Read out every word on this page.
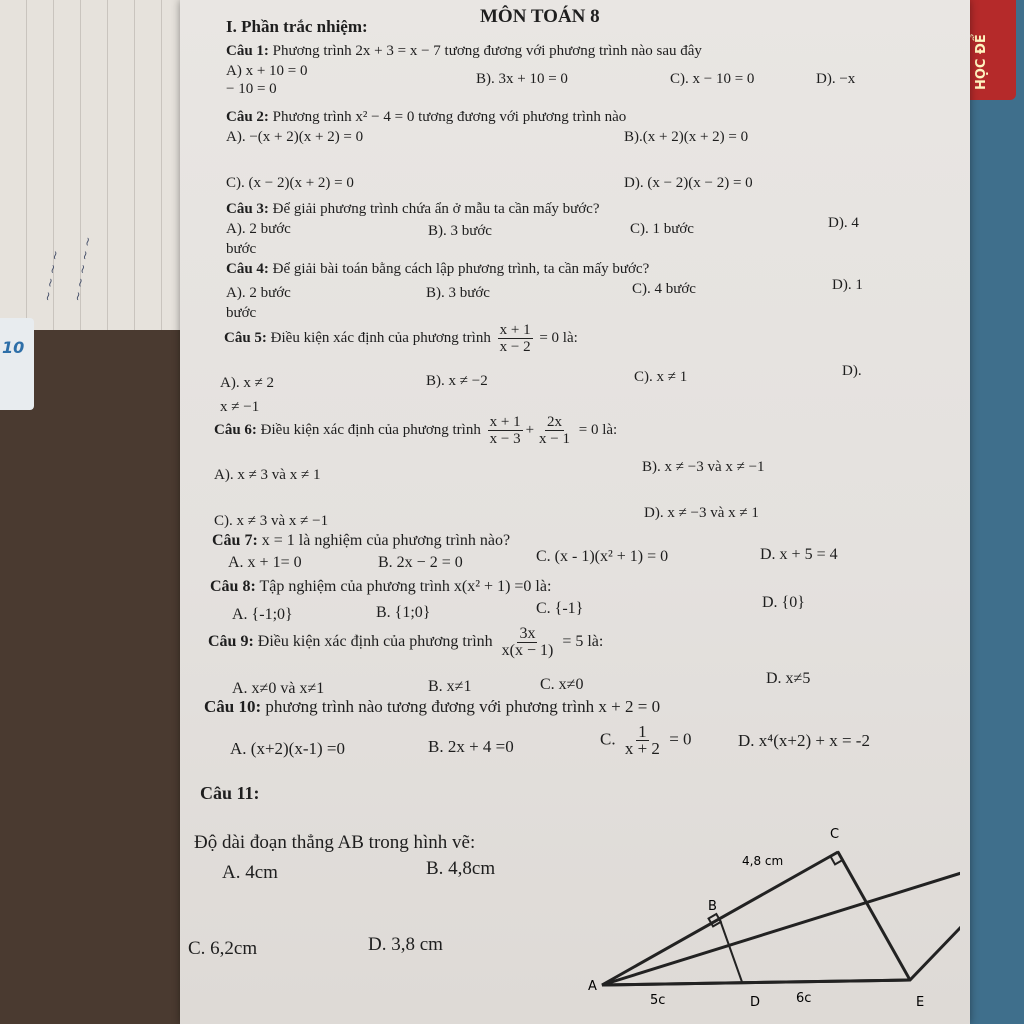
~ ~ ~ ~ ~ ~ ~ ~ ~
10
HỌC ĐỂ
MÔN TOÁN 8
I. Phần trắc nhiệm:
Câu 1: Phương trình 2x + 3 = x − 7 tương đương với phương trình nào sau đây
A) x + 10 = 0
− 10 = 0
B). 3x + 10 = 0	C). x − 10 = 0	D). −x
Câu 2: Phương trình x² − 4 = 0 tương đương với phương trình nào
A). −(x + 2)(x + 2) = 0	B).(x + 2)(x + 2) = 0
C). (x − 2)(x + 2) = 0	D). (x − 2)(x − 2) = 0
Câu 3: Để giải phương trình chứa ẩn ở mẫu ta cần mấy bước?
A). 2 bước
bước
B). 3 bước	C). 1 bước	D). 4
Câu 4: Để giải bài toán bằng cách lập phương trình, ta cần mấy bước?
A). 2 bước
bước
B). 3 bước	C). 4 bước	D). 1
Câu 5: Điều kiện xác định của phương trình $\frac{x + 1}{x - 2} = 0$ là:
A). x ≠ 2
x ≠ −1
B). x ≠ −2	C). x ≠ 1	D).
Câu 6: Điều kiện xác định của phương trình $\frac{x + 1}{x - 3} + \frac{2x}{x - 1} = 0$ là:
A). x ≠ 3 và x ≠ 1	B). x ≠ −3 và x ≠ −1
C). x ≠ 3 và x ≠ −1	D). x ≠ −3 và x ≠ 1
Câu 7: x = 1 là nghiệm của phương trình nào?
A. x + 1= 0	B. 2x − 2 = 0	C. (x - 1)(x² + 1) = 0	D. x + 5 = 4
Câu 8: Tập nghiệm của phương trình x(x² + 1) =0 là:
A. {-1;0}	B. {1;0}	C. {-1}	D. {0}
Câu 9: Điều kiện xác định của phương trình $\frac{3x}{x(x - 1)} = 5$ là:
A. x≠0 và x≠1	B. x≠1	C. x≠0	D. x≠5
Câu 10: phương trình nào tương đương với phương trình x + 2 = 0
A. (x+2)(x-1) =0	B. 2x + 4 =0	C. $\frac{1}{x + 2} = 0$	D. x⁴(x+2) + x = -2
Câu 11:
Độ dài đoạn thẳng AB trong hình vẽ:
A. 4cm	B. 4,8cm
C. 6,2cm	D. 3,8 cm
C
4,8 cm
B
A
5c	D	6c	E
